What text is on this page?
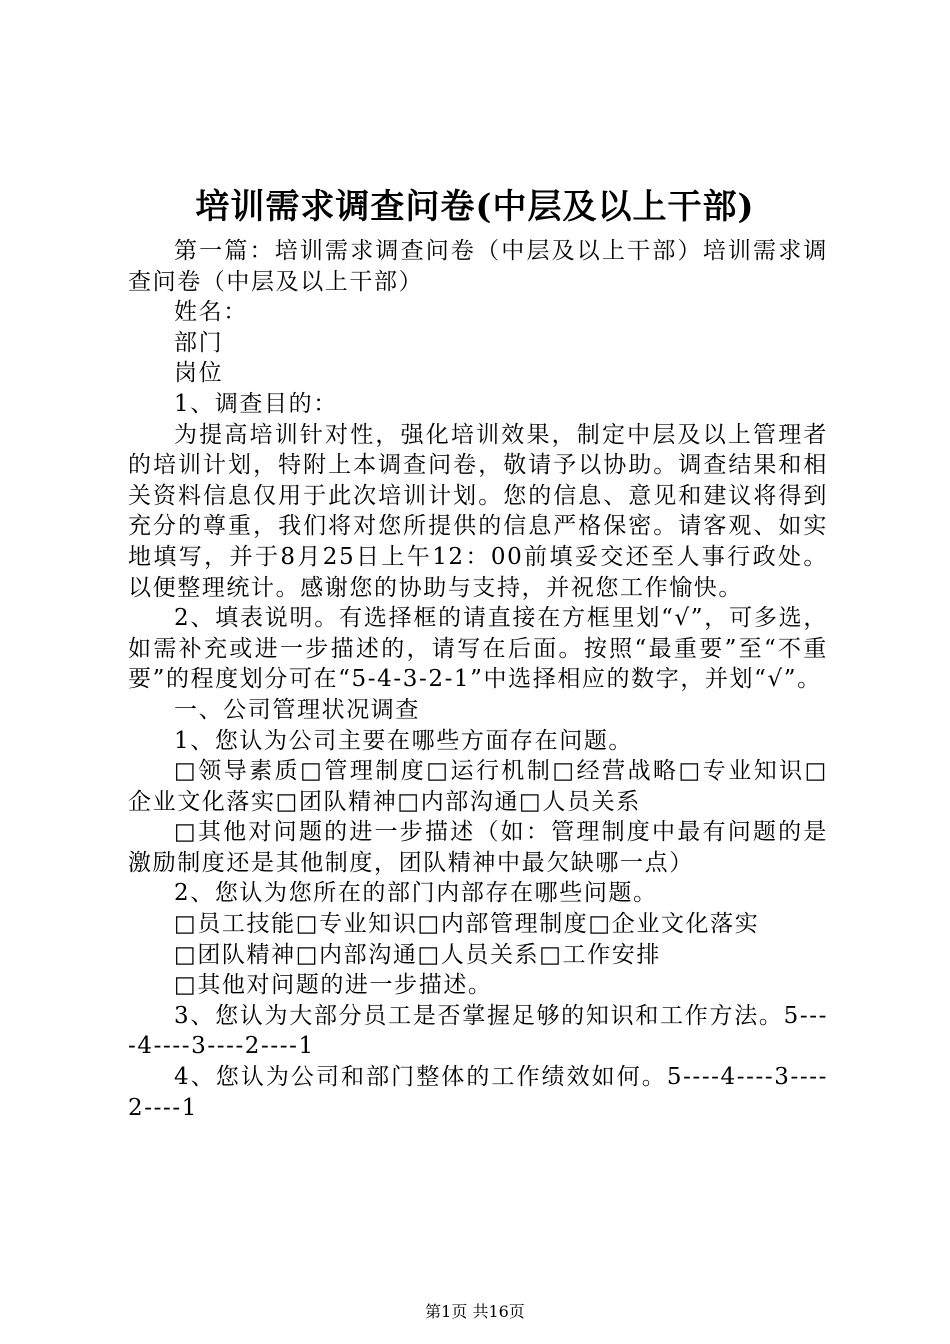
培训需求调查问卷(中层及以上干部)

第一篇：培训需求调查问卷（中层及以上干部）培训需求调查问卷（中层及以上干部）

姓名：

部门

岗位

1、调查目的：

为提高培训针对性，强化培训效果，制定中层及以上管理者的培训计划，特附上本调查问卷，敬请予以协助。调查结果和相关资料信息仅用于此次培训计划。您的信息、意见和建议将得到充分的尊重，我们将对您所提供的信息严格保密。请客观、如实地填写，并于8月25日上午12：00前填妥交还至人事行政处。以便整理统计。感谢您的协助与支持，并祝您工作愉快。

2、填表说明。有选择框的请直接在方框里划“√”，可多选，如需补充或进一步描述的，请写在后面。按照“最重要”至“不重要”的程度划分可在“5-4-3-2-1”中选择相应的数字，并划“√”。

一、公司管理状况调查

1、您认为公司主要在哪些方面存在问题。

□领导素质□管理制度□运行机制□经营战略□专业知识□企业文化落实□团队精神□内部沟通□人员关系

□其他对问题的进一步描述（如：管理制度中最有问题的是激励制度还是其他制度，团队精神中最欠缺哪一点）

2、您认为您所在的部门内部存在哪些问题。

□员工技能□专业知识□内部管理制度□企业文化落实

□团队精神□内部沟通□人员关系□工作安排

□其他对问题的进一步描述。

3、您认为大部分员工是否掌握足够的知识和工作方法。5----4----3----2----1

4、您认为公司和部门整体的工作绩效如何。5----4----3----2----1

第1页 共16页
